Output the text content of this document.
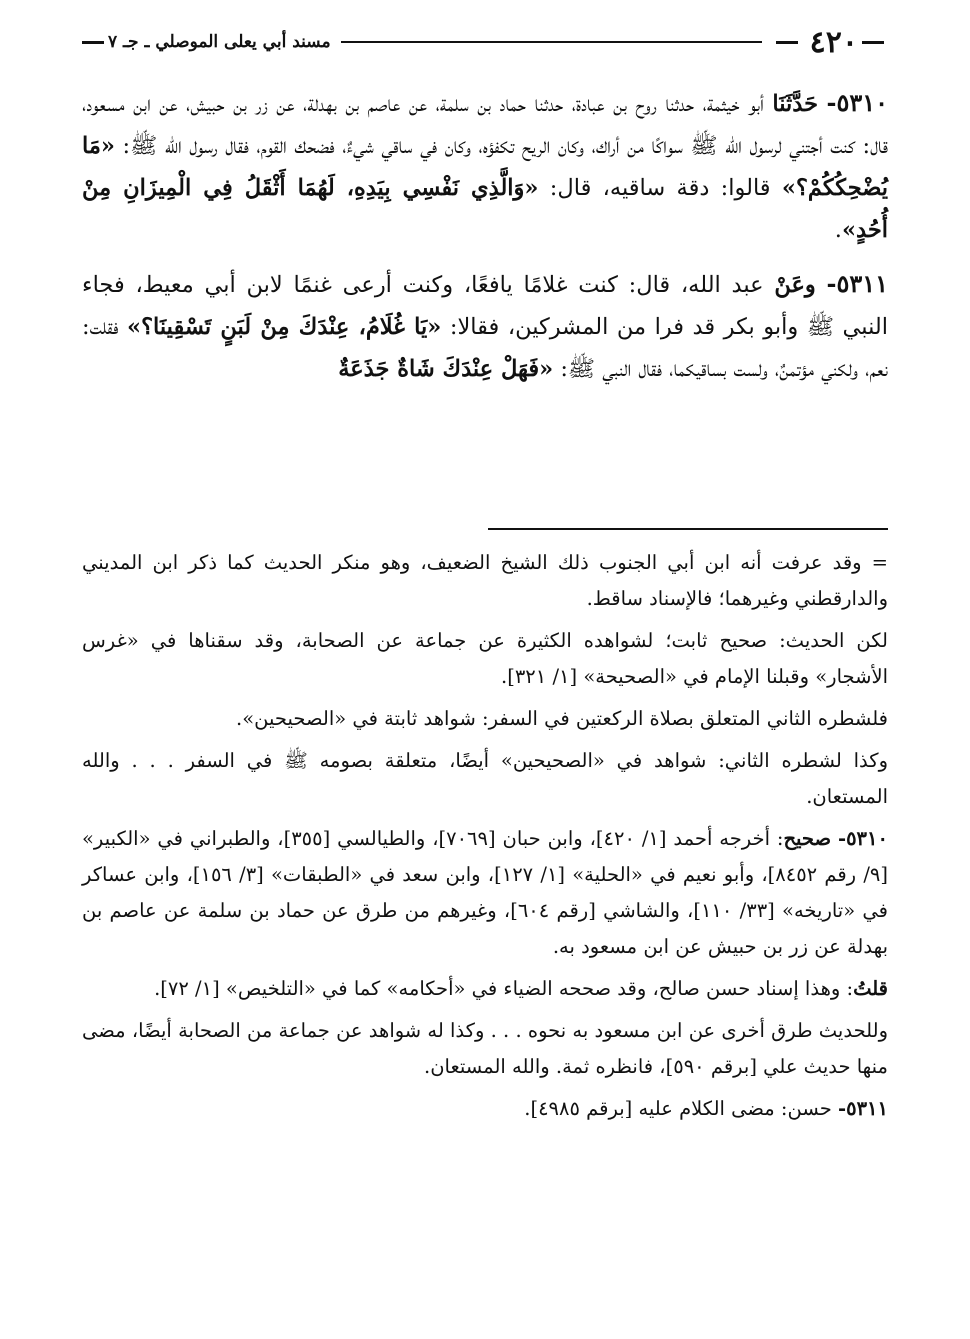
٤٢٠
مسند أبي يعلى الموصلي ـ جـ ٧

٥٣١٠- حَدَّثَنَا أبو خيثمة، حدثنا روح بن عبادة، حدثنا حماد بن سلمة، عن عاصم بن بهدلة، عن زر بن حبيش، عن ابن مسعود، قال: كنت أجتني لرسول الله ﷺ سواكًا من أراك، وكان الريح تكفؤه، وكان في ساقي شيءٌ، فضحك القوم، فقال رسول الله ﷺ: «مَا يُضْحِكُكُمْ؟» قالوا: دقة ساقيه، قال: «وَالَّذِي نَفْسِي بِيَدِهِ، لَهُمَا أَثْقَلُ فِي الْمِيزَانِ مِنْ أُحُدٍ».

٥٣١١- وعَنْ عبد الله، قال: كنت غلامًا يافعًا، وكنت أرعى غنمًا لابن أبي معيط، فجاء النبي ﷺ وأبو بكر قد فرا من المشركين، فقالا: «يَا غُلَامُ، عِنْدَكَ مِنْ لَبَنٍ تَسْقِينَا؟» فقلت: نعم، ولكني مؤتمنٌ، ولست بساقيكما، فقال النبي ﷺ: «فَهَلْ عِنْدَكَ شَاةٌ جَذَعَةٌ

= وقد عرفت أنه ابن أبي الجنوب ذلك الشيخ الضعيف، وهو منكر الحديث كما ذكر ابن المديني والدارقطني وغيرهما؛ فالإسناد ساقط.

لكن الحديث: صحيح ثابت؛ لشواهده الكثيرة عن جماعة عن الصحابة، وقد سقناها في «غرس الأشجار» وقبلنا الإمام في «الصحيحة» [١/ ٣٢١].

فلشطره الثاني المتعلق بصلاة الركعتين في السفر: شواهد ثابتة في «الصحيحين».

وكذا لشطره الثاني: شواهد في «الصحيحين» أيضًا، متعلقة بصومه ﷺ في السفر . . . والله المستعان.

٥٣١٠- صحيح: أخرجه أحمد [١/ ٤٢٠]، وابن حبان [٧٠٦٩]، والطيالسي [٣٥٥]، والطبراني في «الكبير» [٩/ رقم ٨٤٥٢]، وأبو نعيم في «الحلية» [١/ ١٢٧]، وابن سعد في «الطبقات» [٣/ ١٥٦]، وابن عساكر في «تاريخه» [٣٣/ ١١٠]، والشاشي [رقم ٦٠٤]، وغيرهم من طرق عن حماد بن سلمة عن عاصم بن بهدلة عن زر بن حبيش عن ابن مسعود به.

قلتُ: وهذا إسناد حسن صالح، وقد صححه الضياء في «أحكامه» كما في «التلخيص» [١/ ٧٢].

وللحديث طرق أخرى عن ابن مسعود به نحوه . . . وكذا له شواهد عن جماعة من الصحابة أيضًا، مضى منها حديث علي [برقم ٥٩٠]، فانظره ثمة. والله المستعان.

٥٣١١- حسن: مضى الكلام عليه [برقم ٤٩٨٥].
